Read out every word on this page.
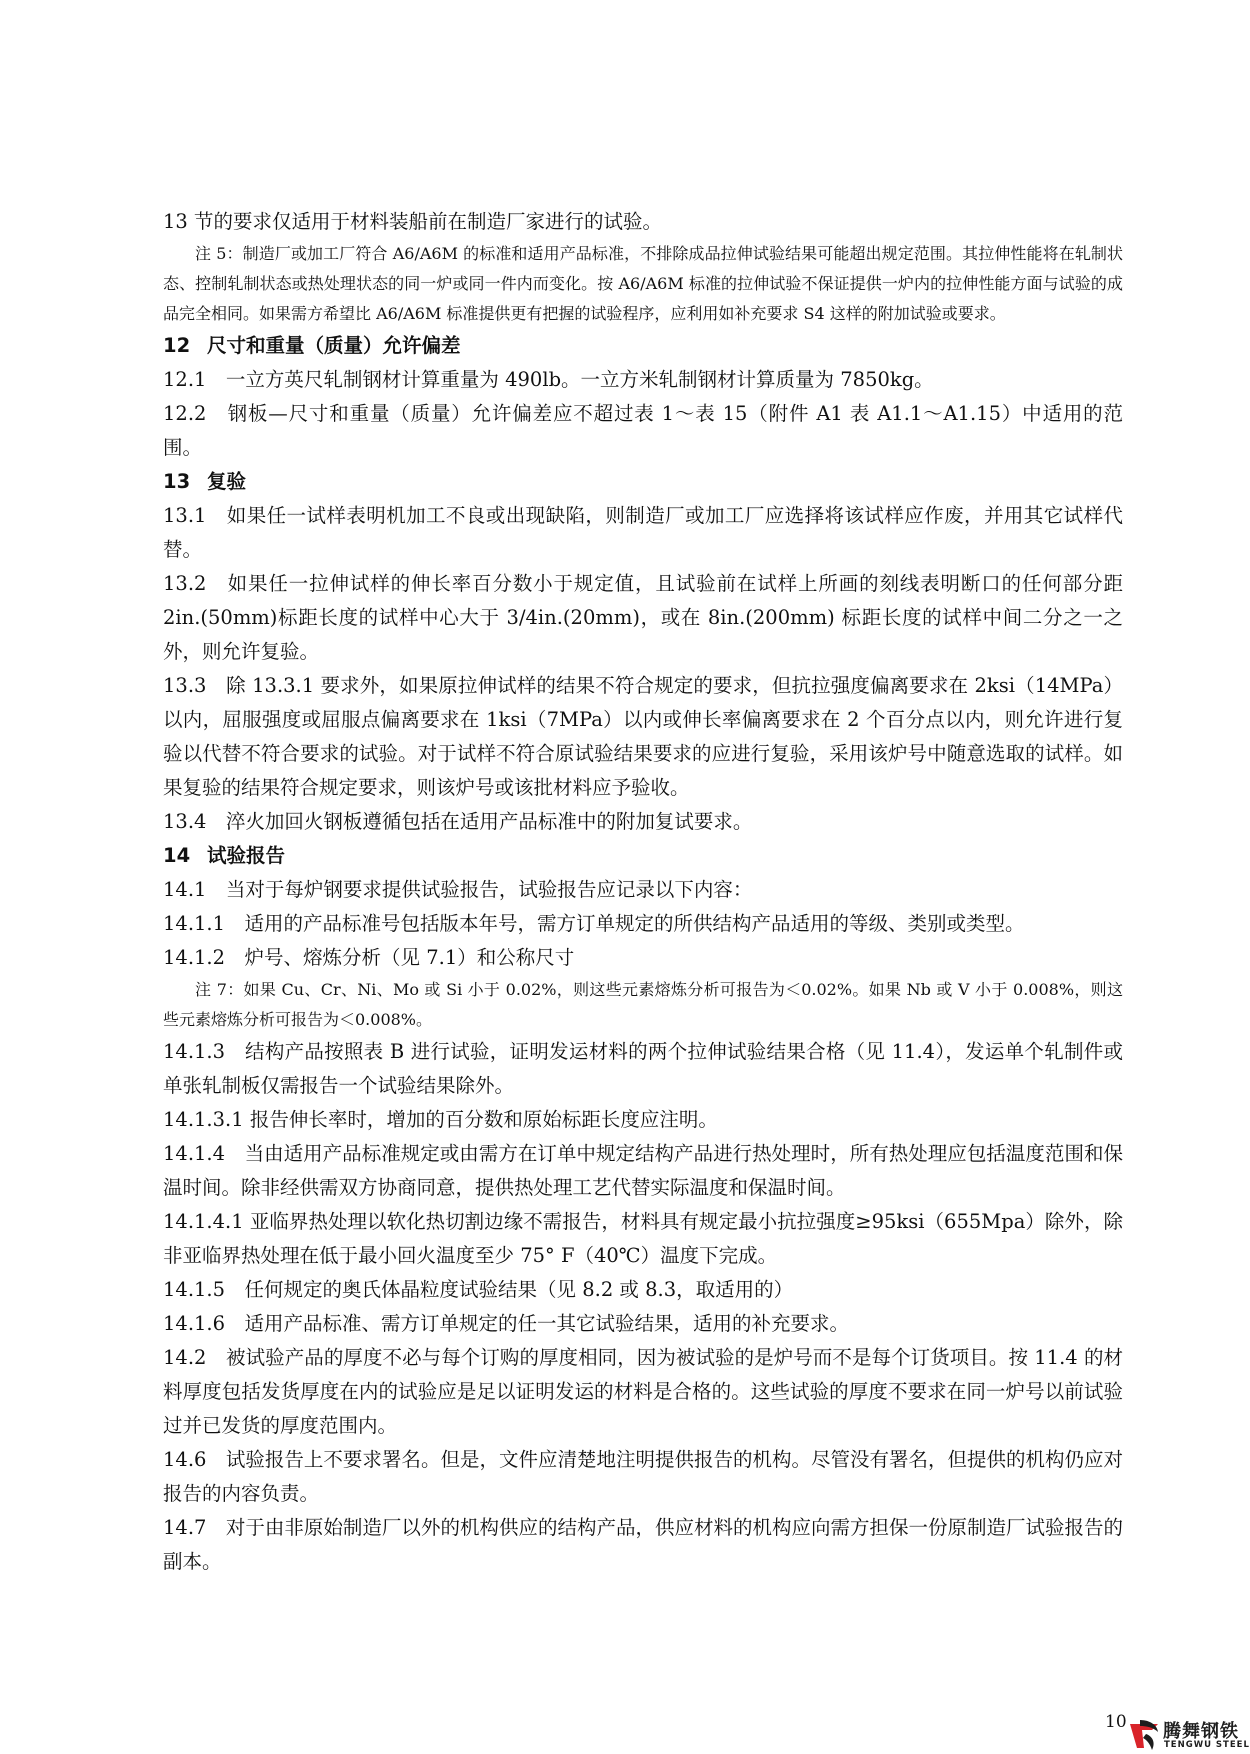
13 节的要求仅适用于材料装船前在制造厂家进行的试验。

注 5：制造厂或加工厂符合 A6/A6M 的标准和适用产品标准，不排除成品拉伸试验结果可能超出规定范围。其拉伸性能将在轧制状态、控制轧制状态或热处理状态的同一炉或同一件内而变化。按 A6/A6M 标准的拉伸试验不保证提供一炉内的拉伸性能方面与试验的成品完全相同。如果需方希望比 A6/A6M 标准提供更有把握的试验程序，应利用如补充要求 S4 这样的附加试验或要求。

12 尺寸和重量（质量）允许偏差

12.1　一立方英尺轧制钢材计算重量为 490lb。一立方米轧制钢材计算质量为 7850kg。

12.2　钢板—尺寸和重量（质量）允许偏差应不超过表 1～表 15（附件 A1 表 A1.1～A1.15）中适用的范围。

13 复验

13.1　如果任一试样表明机加工不良或出现缺陷，则制造厂或加工厂应选择将该试样应作废，并用其它试样代替。

13.2　如果任一拉伸试样的伸长率百分数小于规定值，且试验前在试样上所画的刻线表明断口的任何部分距 2in.(50mm)标距长度的试样中心大于 3/4in.(20mm)，或在 8in.(200mm) 标距长度的试样中间二分之一之外，则允许复验。

13.3　除 13.3.1 要求外，如果原拉伸试样的结果不符合规定的要求，但抗拉强度偏离要求在 2ksi（14MPa）以内，屈服强度或屈服点偏离要求在 1ksi（7MPa）以内或伸长率偏离要求在 2 个百分点以内，则允许进行复验以代替不符合要求的试验。对于试样不符合原试验结果要求的应进行复验，采用该炉号中随意选取的试样。如果复验的结果符合规定要求，则该炉号或该批材料应予验收。

13.4　淬火加回火钢板遵循包括在适用产品标准中的附加复试要求。

14 试验报告

14.1　当对于每炉钢要求提供试验报告，试验报告应记录以下内容：

14.1.1　适用的产品标准号包括版本年号，需方订单规定的所供结构产品适用的等级、类别或类型。

14.1.2　炉号、熔炼分析（见 7.1）和公称尺寸

注 7：如果 Cu、Cr、Ni、Mo 或 Si 小于 0.02%，则这些元素熔炼分析可报告为＜0.02%。如果 Nb 或 V 小于 0.008%，则这些元素熔炼分析可报告为＜0.008%。

14.1.3　结构产品按照表 B 进行试验，证明发运材料的两个拉伸试验结果合格（见 11.4），发运单个轧制件或单张轧制板仅需报告一个试验结果除外。

14.1.3.1 报告伸长率时，增加的百分数和原始标距长度应注明。

14.1.4　当由适用产品标准规定或由需方在订单中规定结构产品进行热处理时，所有热处理应包括温度范围和保温时间。除非经供需双方协商同意，提供热处理工艺代替实际温度和保温时间。

14.1.4.1 亚临界热处理以软化热切割边缘不需报告，材料具有规定最小抗拉强度≥95ksi（655Mpa）除外，除非亚临界热处理在低于最小回火温度至少 75° F（40℃）温度下完成。

14.1.5　任何规定的奥氏体晶粒度试验结果（见 8.2 或 8.3，取适用的）

14.1.6　适用产品标准、需方订单规定的任一其它试验结果，适用的补充要求。

14.2　被试验产品的厚度不必与每个订购的厚度相同，因为被试验的是炉号而不是每个订货项目。按 11.4 的材料厚度包括发货厚度在内的试验应是足以证明发运的材料是合格的。这些试验的厚度不要求在同一炉号以前试验过并已发货的厚度范围内。

14.6　试验报告上不要求署名。但是，文件应清楚地注明提供报告的机构。尽管没有署名，但提供的机构仍应对报告的内容负责。

14.7　对于由非原始制造厂以外的机构供应的结构产品，供应材料的机构应向需方担保一份原制造厂试验报告的副本。

10 腾舞钢铁
TENGWU STEEL
